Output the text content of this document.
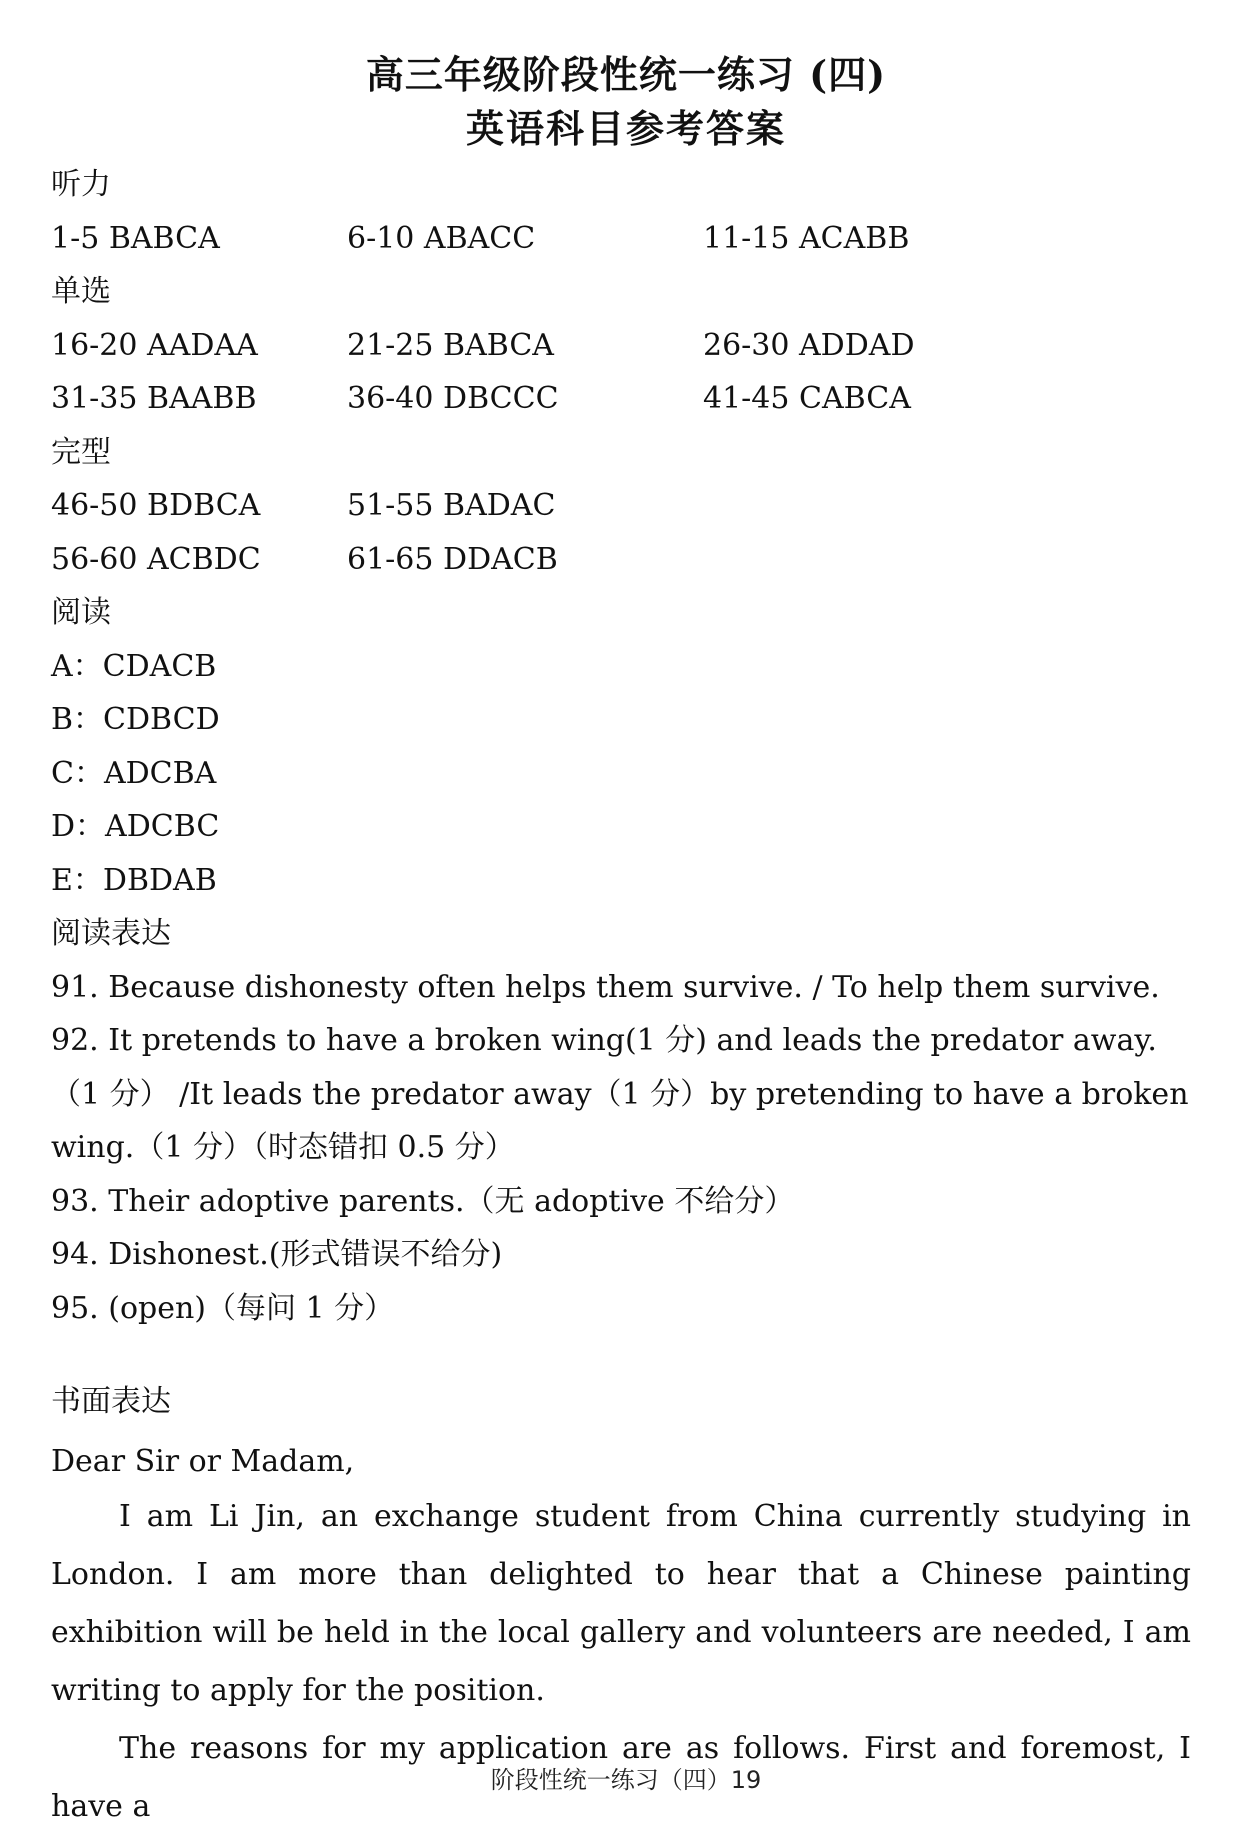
高三年级阶段性统一练习 (四)
英语科目参考答案
听力
1-5 BABCA	6-10 ABACC	11-15 ACABB
单选
16-20 AADAA	21-25 BABCA	26-30 ADDAD
31-35 BAABB	36-40 DBCCC	41-45 CABCA
完型
46-50 BDBCA	51-55 BADAC
56-60 ACBDC	61-65 DDACB
阅读
A：CDACB
B：CDBCD
C：ADCBA
D：ADCBC
E：DBDAB
阅读表达
91. Because dishonesty often helps them survive. / To help them survive.
92. It pretends to have a broken wing(1 分) and leads the predator away.（1 分） /It leads the predator away（1 分）by pretending to have a broken wing.（1 分）（时态错扣 0.5 分）
93. Their adoptive parents.（无 adoptive 不给分）
94. Dishonest.(形式错误不给分)
95. (open)（每问 1 分）
书面表达
Dear Sir or Madam,
I am Li Jin, an exchange student from China currently studying in London. I am more than delighted to hear that a Chinese painting exhibition will be held in the local gallery and volunteers are needed, I am writing to apply for the position.
The reasons for my application are as follows. First and foremost, I have a
阶段性统一练习（四）19
